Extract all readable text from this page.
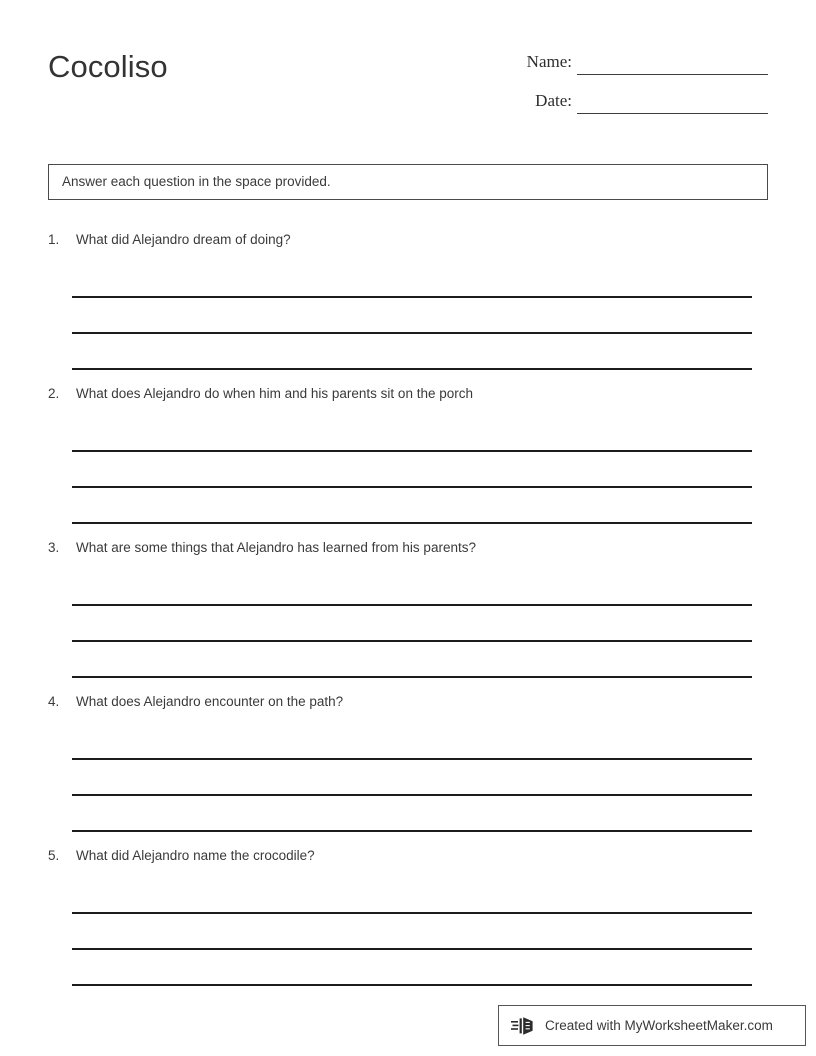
Cocoliso	Name:
Date:
Answer each question in the space provided.
1.	What did Alejandro dream of doing?
2.	What does Alejandro do when him and his parents sit on the porch
3.	What are some things that Alejandro has learned from his parents?
4.	What does Alejandro encounter on the path?
5.	What did Alejandro name the crocodile?
Created with MyWorksheetMaker.com
